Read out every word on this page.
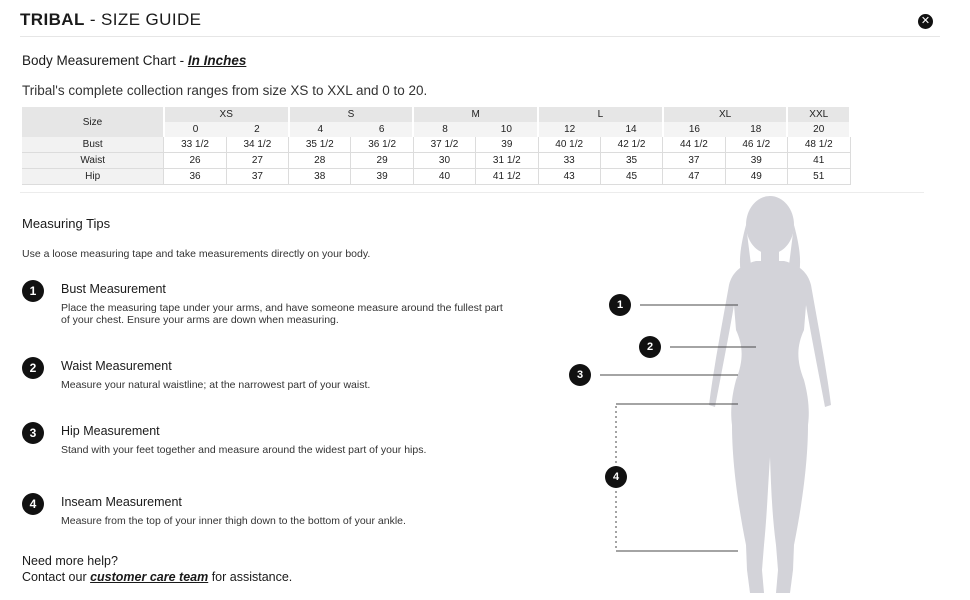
TRIBAL - SIZE GUIDE	✕
Body Measurement Chart - In Inches
Tribal's complete collection ranges from size XS to XXL and 0 to 20.
Size	XS		S		M		L		XL		XXL
	0	2	4	6	8	10	12	14	16	18	20
Bust	33 1/2	34 1/2	35 1/2	36 1/2	37 1/2	39	40 1/2	42 1/2	44 1/2	46 1/2	48 1/2
Waist	26	27	28	29	30	31 1/2	33	35	37	39	41
Hip	36	37	38	39	40	41 1/2	43	45	47	49	51
Measuring Tips
Use a loose measuring tape and take measurements directly on your body.
1	Bust Measurement
Place the measuring tape under your arms, and have someone measure around the fullest part of your chest. Ensure your arms are down when measuring.
2	Waist Measurement
Measure your natural waistline; at the narrowest part of your waist.
3	Hip Measurement
Stand with your feet together and measure around the widest part of your hips.
4	Inseam Measurement
Measure from the top of your inner thigh down to the bottom of your ankle.
Need more help?
Contact our customer care team for assistance.
1
2
3
4
